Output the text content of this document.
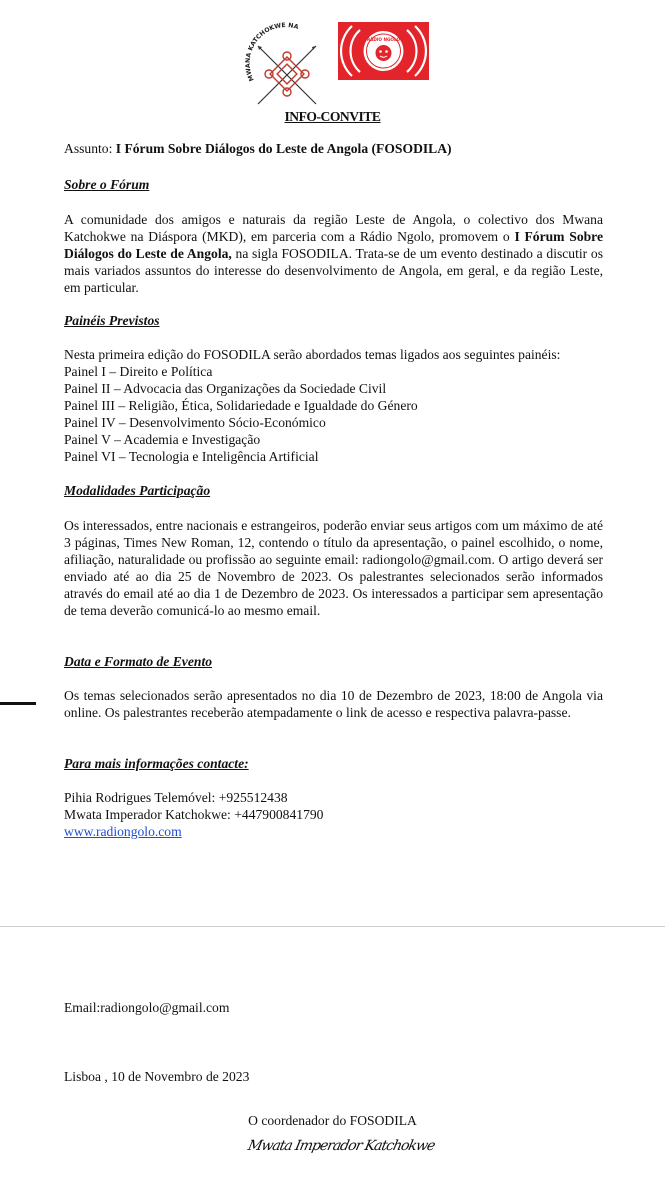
MWANA KATCHOKWE NA
RÁDIO NGOLO
INFO-CONVITE
Assunto: I Fórum Sobre Diálogos do Leste de Angola (FOSODILA)
Sobre o Fórum
A comunidade dos amigos e naturais da região Leste de Angola, o colectivo dos Mwana Katchokwe na Diáspora (MKD), em parceria com a Rádio Ngolo, promovem o I Fórum Sobre Diálogos do Leste de Angola, na sigla FOSODILA. Trata-se de um evento destinado a discutir os mais variados assuntos do interesse do desenvolvimento de Angola, em geral, e da região Leste, em particular.
Painéis Previstos
Nesta primeira edição do FOSODILA serão abordados temas ligados aos seguintes painéis:
Painel I – Direito e Política
Painel II – Advocacia das Organizações da Sociedade Civil
Painel III – Religião, Ética, Solidariedade e Igualdade do Género
Painel IV – Desenvolvimento Sócio-Económico
Painel V – Academia e Investigação
Painel VI – Tecnologia e Inteligência Artificial
Modalidades Participação
Os interessados, entre nacionais e estrangeiros, poderão enviar seus artigos com um máximo de até 3 páginas, Times New Roman, 12, contendo o título da apresentação, o painel escolhido, o nome, afiliação, naturalidade ou profissão ao seguinte email: radiongolo@gmail.com. O artigo deverá ser enviado até ao dia 25 de Novembro de 2023. Os palestrantes selecionados serão informados através do email até ao dia 1 de Dezembro de 2023. Os interessados a participar sem apresentação de tema deverão comunicá-lo ao mesmo email.
Data e Formato de Evento
Os temas selecionados serão apresentados no dia 10 de Dezembro de 2023, 18:00 de Angola via online. Os palestrantes receberão atempadamente o link de acesso e respectiva palavra-passe.
Para mais informações contacte:
Pihia Rodrigues Telemóvel: +925512438
Mwata Imperador Katchokwe: +447900841790
www.radiongolo.com
Email:radiongolo@gmail.com
Lisboa , 10 de Novembro de 2023
O coordenador do FOSODILA
Mwata Imperador Katchokwe
